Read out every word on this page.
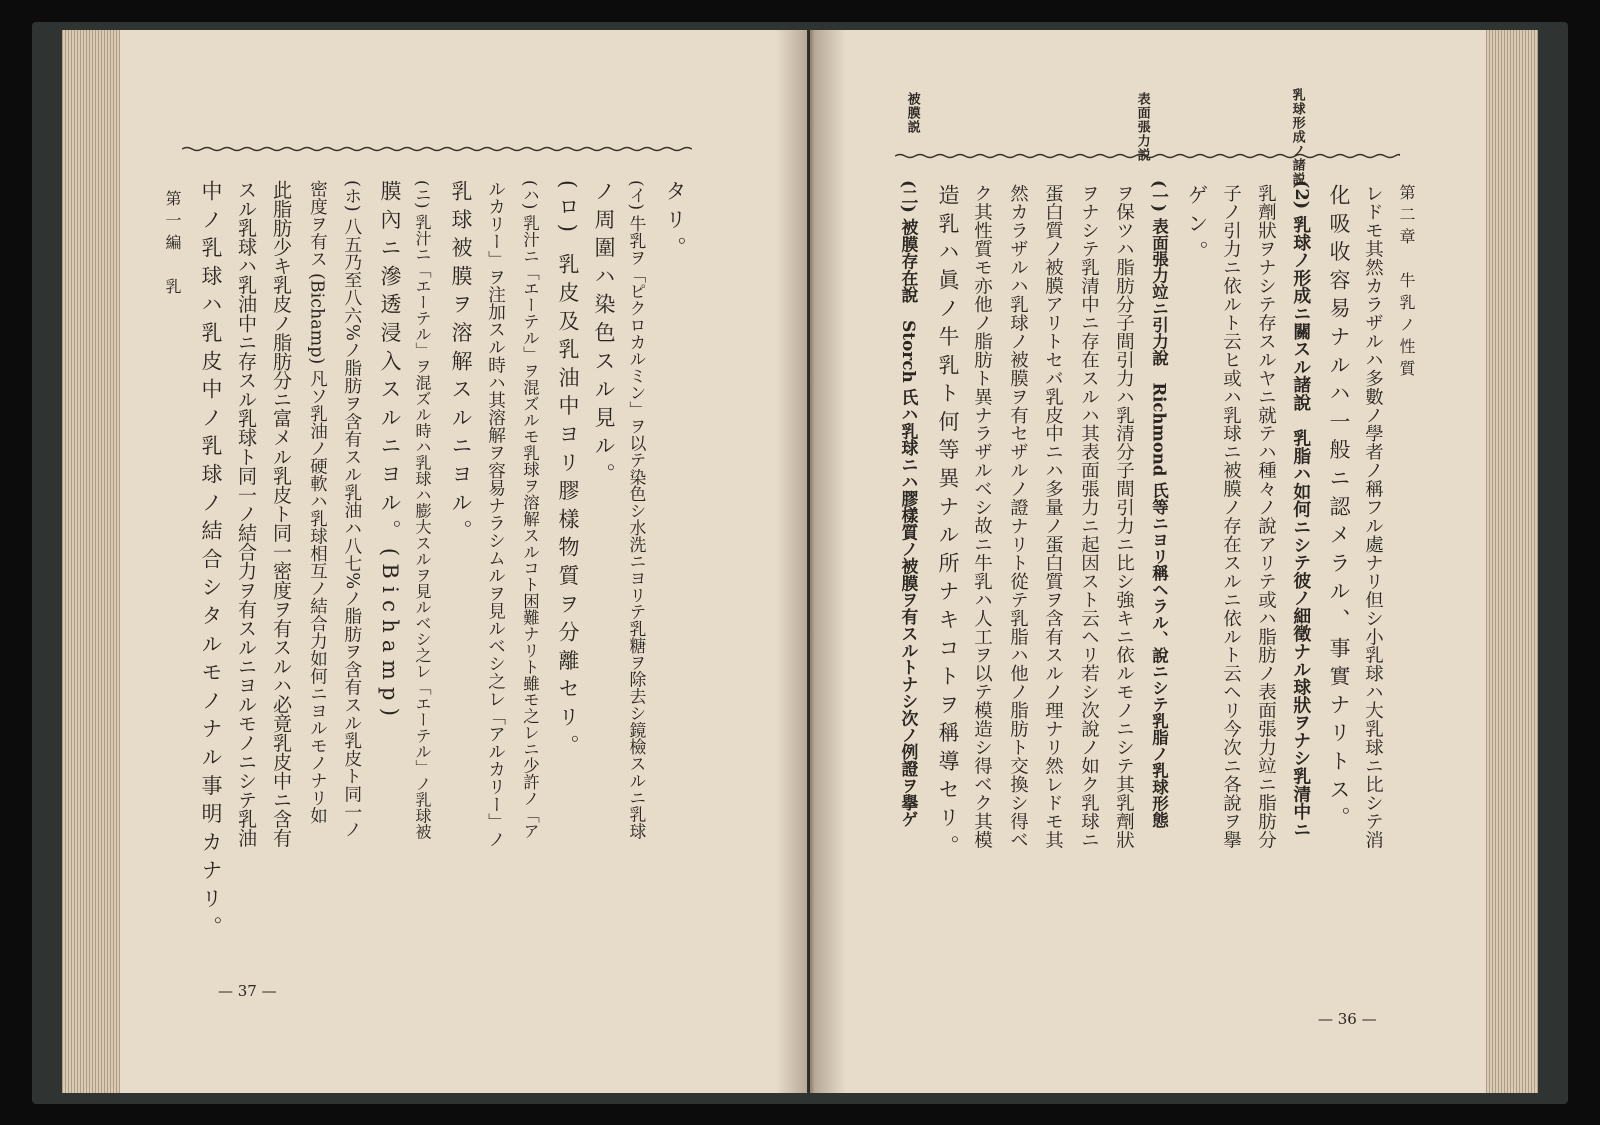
第二章　牛乳ノ性質
乳球形成ノ諸説
表面張力説
被膜説
レドモ其然カラザルハ多數ノ學者ノ稱フル處ナリ但シ小乳球ハ大乳球ニ比シテ消
化吸收容易ナルハ一般ニ認メラル、事實ナリトス。
(2) 乳球ノ形成ニ關スル諸說　乳脂ハ如何ニシテ彼ノ細徵ナル球狀ヲナシ乳清中ニ
乳劑狀ヲナシテ存スルヤニ就テハ種々ノ說アリテ或ハ脂肪ノ表面張力竝ニ脂肪分
子ノ引力ニ依ルト云ヒ或ハ乳球ニ被膜ノ存在スルニ依ルト云ヘリ今次ニ各說ヲ擧
ゲン。
(一) 表面張力竝ニ引力說　Richmond 氏等ニヨリ稱ヘラル、說ニシテ乳脂ノ乳球形態
ヲ保ツハ脂肪分子間引力ハ乳清分子間引力ニ比シ強キニ依ルモノニシテ其乳劑狀
ヲナシテ乳清中ニ存在スルハ其表面張力ニ起因スト云ヘリ若シ次說ノ如ク乳球ニ
蛋白質ノ被膜アリトセバ乳皮中ニハ多量ノ蛋白質ヲ含有スルノ理ナリ然レドモ其
然カラザルハ乳球ノ被膜ヲ有セザルノ證ナリト從テ乳脂ハ他ノ脂肪ト交換シ得ベ
ク其性質モ亦他ノ脂肪ト異ナラザルベシ故ニ牛乳ハ人工ヲ以テ模造シ得ベク其模
造乳ハ眞ノ牛乳ト何等異ナル所ナキコトヲ稱導セリ。
(二) 被膜存在說　Storch 氏ハ乳球ニハ膠樣質ノ被膜ヲ有スルトナシ次ノ例證ヲ擧ゲ
— 36 —
タリ。
(イ) 牛乳ヲ「ピクロカルミン」ヲ以テ染色シ水洗ニヨリテ乳糖ヲ除去シ鏡檢スルニ乳球
ノ周圍ハ染色スル見ル。
(ロ) 乳皮及乳油中ヨリ膠樣物質ヲ分離セリ。
(ハ) 乳汁ニ「エーテル」ヲ混ズルモ乳球ヲ溶解スルコト困難ナリト雖モ之レニ少許ノ「ア
ルカリー」ヲ注加スル時ハ其溶解ヲ容易ナラシムルヲ見ルベシ之レ「アルカリー」ノ
乳球被膜ヲ溶解スルニヨル。
(ニ) 乳汁ニ「エーテル」ヲ混ズル時ハ乳球ハ膨大スルヲ見ルベシ之レ「エーテル」ノ乳球被
膜內ニ滲透浸入スルニヨル。(Bichamp)
(ホ) 八五乃至八六%ノ脂肪ヲ含有スル乳油ハ八七%ノ脂肪ヲ含有スル乳皮ト同一ノ
密度ヲ有ス (Bichamp) 凡ソ乳油ノ硬軟ハ乳球相互ノ結合力如何ニヨルモノナリ如
此脂肪少キ乳皮ノ脂肪分ニ富メル乳皮ト同一密度ヲ有スルハ必竟乳皮中ニ含有
スル乳球ハ乳油中ニ存スル乳球ト同一ノ結合力ヲ有スルニヨルモノニシテ乳油
中ノ乳球ハ乳皮中ノ乳球ノ結合シタルモノナル事明カナリ。
第一編　乳
— 37 —
